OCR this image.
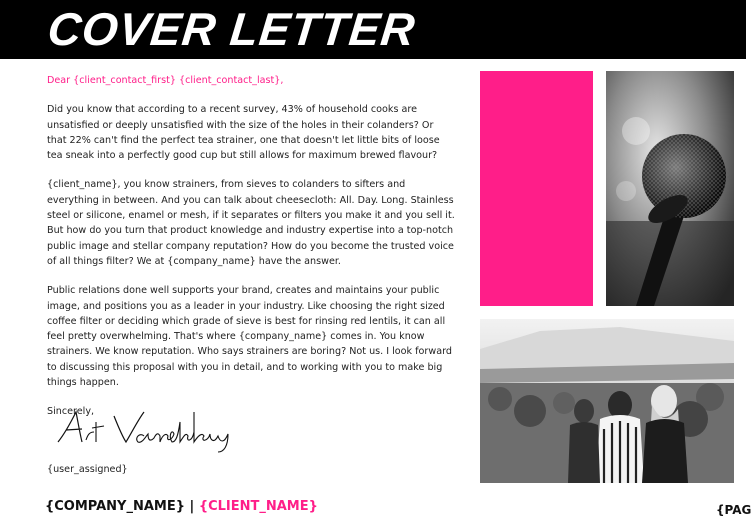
COVER LETTER

Dear {client_contact_first} {client_contact_last},

Did you know that according to a recent survey, 43% of household cooks are unsatisfied or deeply unsatisfied with the size of the holes in their colanders? Or that 22% can't find the perfect tea strainer, one that doesn't let little bits of loose tea sneak into a perfectly good cup but still allows for maximum brewed flavour?

{client_name}, you know strainers, from sieves to colanders to sifters and everything in between. And you can talk about cheesecloth: All. Day. Long. Stainless steel or silicone, enamel or mesh, if it separates or filters you make it and you sell it. But how do you turn that product knowledge and industry expertise into a top-notch public image and stellar company reputation? How do you become the trusted voice of all things filter? We at {company_name} have the answer.

Public relations done well supports your brand, creates and maintains your public image, and positions you as a leader in your industry. Like choosing the right sized coffee filter or deciding which grade of sieve is best for rinsing red lentils, it can all feel pretty overwhelming. That's where {company_name} comes in. You know strainers. We know reputation. Who says strainers are boring? Not us. I look forward to discussing this proposal with you in detail, and to working with you to make big things happen.

Sincerely,

{user_assigned}
{COMPANY_NAME} | {CLIENT_NAME}	{PAG
